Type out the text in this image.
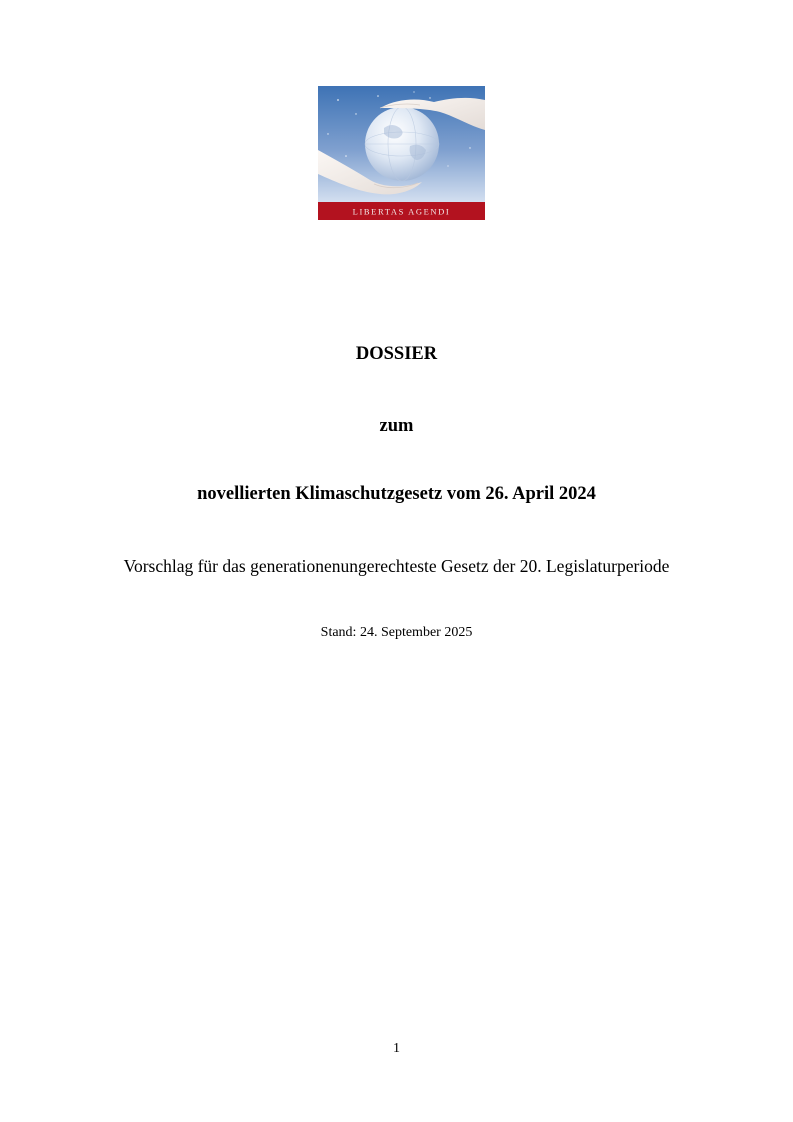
LIBERTAS AGENDI
DOSSIER
zum
novellierten Klimaschutzgesetz vom 26. April 2024
Vorschlag für das generationenungerechteste Gesetz der 20. Legislaturperiode
Stand: 24. September 2025
1
